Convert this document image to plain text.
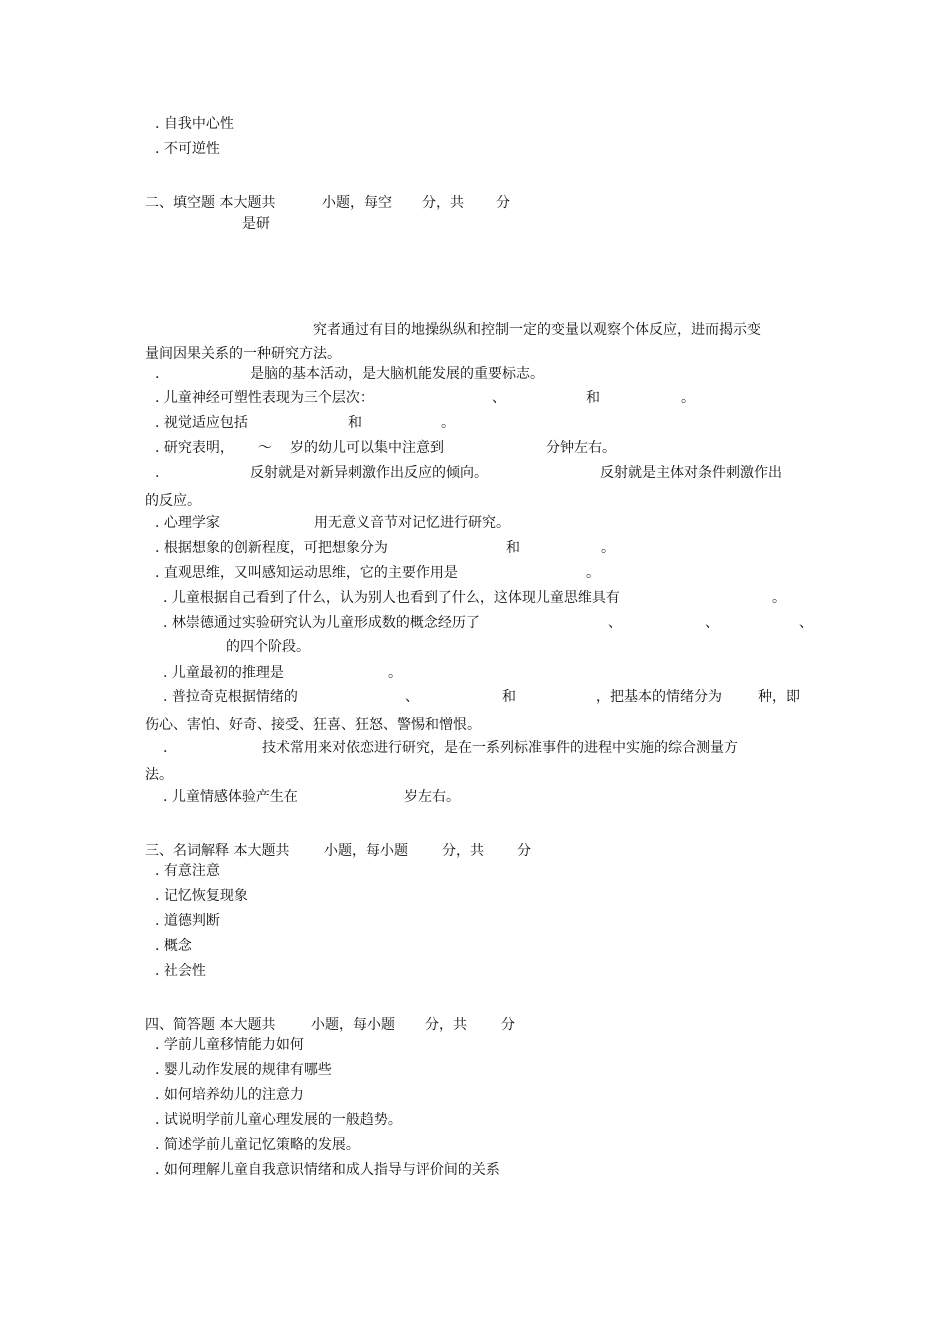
. 自我中心性
. 不可逆性
二、填空题 本大题共	小题，每空 分，共 分
是研
究者通过有目的地操纵纵和控制一定的变量以观察个体反应，进而揭示变
量间因果关系的一种研究方法。
.	是脑的基本活动，是大脑机能发展的重要标志。
. 儿童神经可塑性表现为三个层次：	、	和	。
. 视觉适应包括	和	。
. 研究表明， ～ 岁的幼儿可以集中注意到	分钟左右。
.	反射就是对新异刺激作出反应的倾向。	反射就是主体对条件刺激作出
的反应。
. 心理学家	用无意义音节对记忆进行研究。
. 根据想象的创新程度，可把想象分为	和	。
. 直观思维，又叫感知运动思维，它的主要作用是	。
. 儿童根据自己看到了什么，认为别人也看到了什么，这体现儿童思维具有	。
. 林崇德通过实验研究认为儿童形成数的概念经历了	、	、	、
的四个阶段。
. 儿童最初的推理是	。
. 普拉奇克根据情绪的	、	和	，把基本的情绪分为	种，即
伤心、害怕、好奇、接受、狂喜、狂怒、警惕和憎恨。
.	技术常用来对依恋进行研究，是在一系列标准事件的进程中实施的综合测量方
法。
. 儿童情感体验产生在	岁左右。
三、名词解释 本大题共 小题，每小题 分，共 分
. 有意注意
. 记忆恢复现象
. 道德判断
. 概念
. 社会性
四、简答题 本大题共	小题，每小题 分，共 分
. 学前儿童移情能力如何
. 婴儿动作发展的规律有哪些
. 如何培养幼儿的注意力
. 试说明学前儿童心理发展的一般趋势。
. 简述学前儿童记忆策略的发展。
. 如何理解儿童自我意识情绪和成人指导与评价间的关系
